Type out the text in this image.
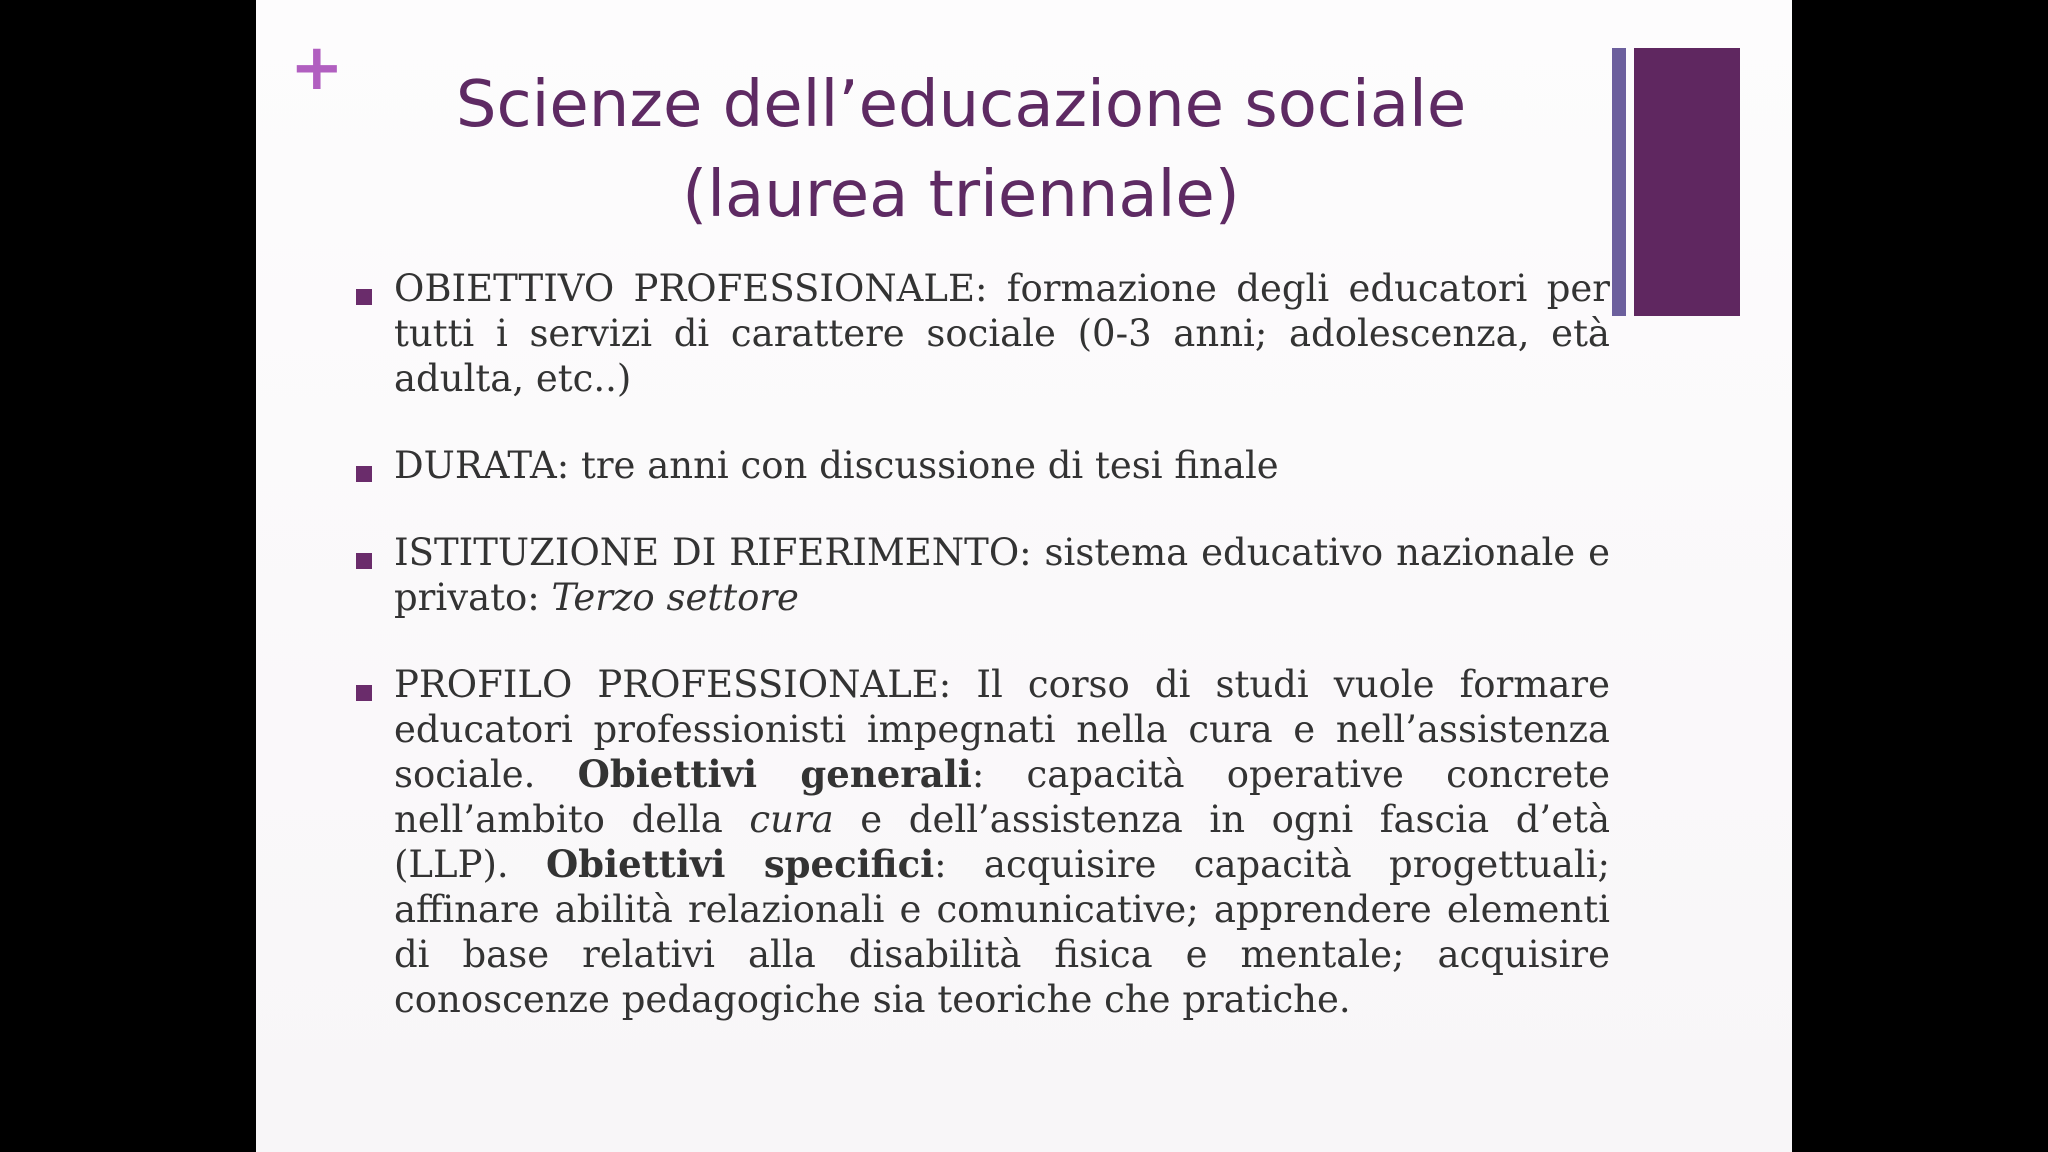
+	Scienze dell’educazione sociale
(laurea triennale)

OBIETTIVO PROFESSIONALE: formazione degli educatori per tutti i servizi di carattere sociale (0-3 anni; adolescenza, età adulta, etc..)

DURATA: tre anni con discussione di tesi finale

ISTITUZIONE DI RIFERIMENTO: sistema educativo nazionale e privato: Terzo settore

PROFILO PROFESSIONALE: Il corso di studi vuole formare educatori professionisti impegnati nella cura e nell’assistenza sociale. Obiettivi generali: capacità operative concrete nell’ambito della cura e dell’assistenza in ogni fascia d’età (LLP). Obiettivi specifici: acquisire capacità progettuali; affinare abilità relazionali e comunicative; apprendere elementi di base relativi alla disabilità fisica e mentale; acquisire conoscenze pedagogiche sia teoriche che pratiche.
